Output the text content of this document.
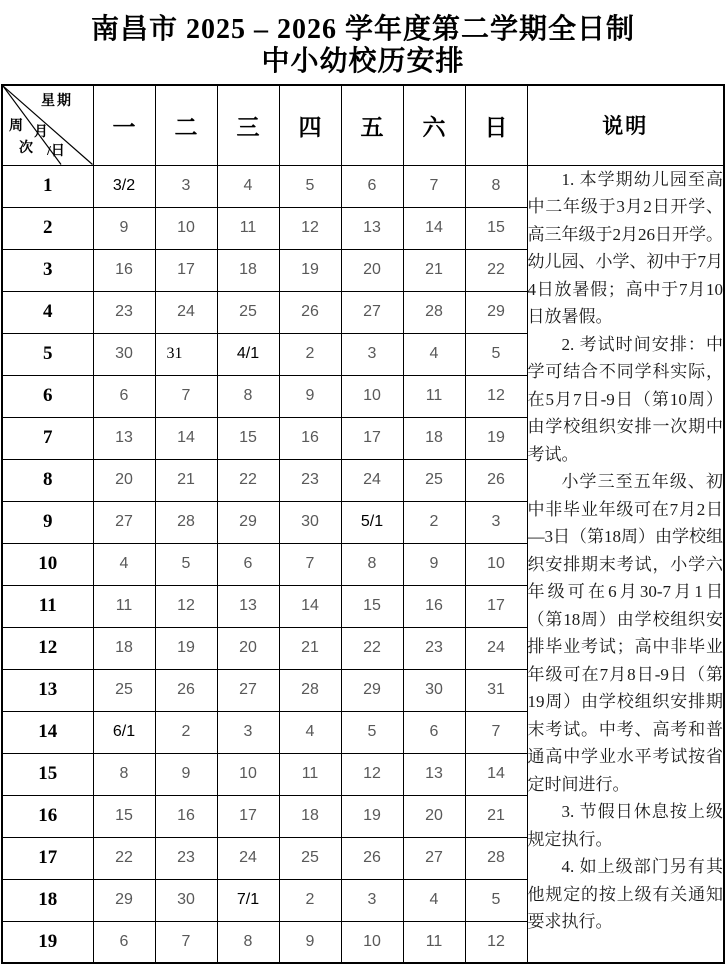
南昌市 2025 – 2026 学年度第二学期全日制
中小幼校历安排
星期
周
次
月
/日	一	二	三	四	五	六	日	说明
1	3/2	3	4	5	6	7	8	1. 本学期幼儿园至高中二年级于3月2日开学、高三年级于2月26日开学。幼儿园、小学、初中于7月4日放暑假；高中于7月10日放暑假。

2. 考试时间安排：中学可结合不同学科实际，在5月7日-9日（第10周）由学校组织安排一次期中考试。

小学三至五年级、初中非毕业年级可在7月2日—3日（第18周）由学校组织安排期末考试，小学六年级可在6月30-7月1日（第18周）由学校组织安排毕业考试；高中非毕业年级可在7月8日-9日（第19周）由学校组织安排期末考试。中考、高考和普通高中学业水平考试按省定时间进行。

3. 节假日休息按上级规定执行。

4. 如上级部门另有其他规定的按上级有关通知要求执行。

2	9	10	11	12	13	14	15	
3	16	17	18	19	20	21	22	
4	23	24	25	26	27	28	29	
5	30	31	4/1	2	3	4	5	
6	6	7	8	9	10	11	12	
7	13	14	15	16	17	18	19	
8	20	21	22	23	24	25	26	
9	27	28	29	30	5/1	2	3	
10	4	5	6	7	8	9	10	
11	11	12	13	14	15	16	17	
12	18	19	20	21	22	23	24	
13	25	26	27	28	29	30	31	
14	6/1	2	3	4	5	6	7	
15	8	9	10	11	12	13	14	
16	15	16	17	18	19	20	21	
17	22	23	24	25	26	27	28	
18	29	30	7/1	2	3	4	5	
19	6	7	8	9	10	11	12	
